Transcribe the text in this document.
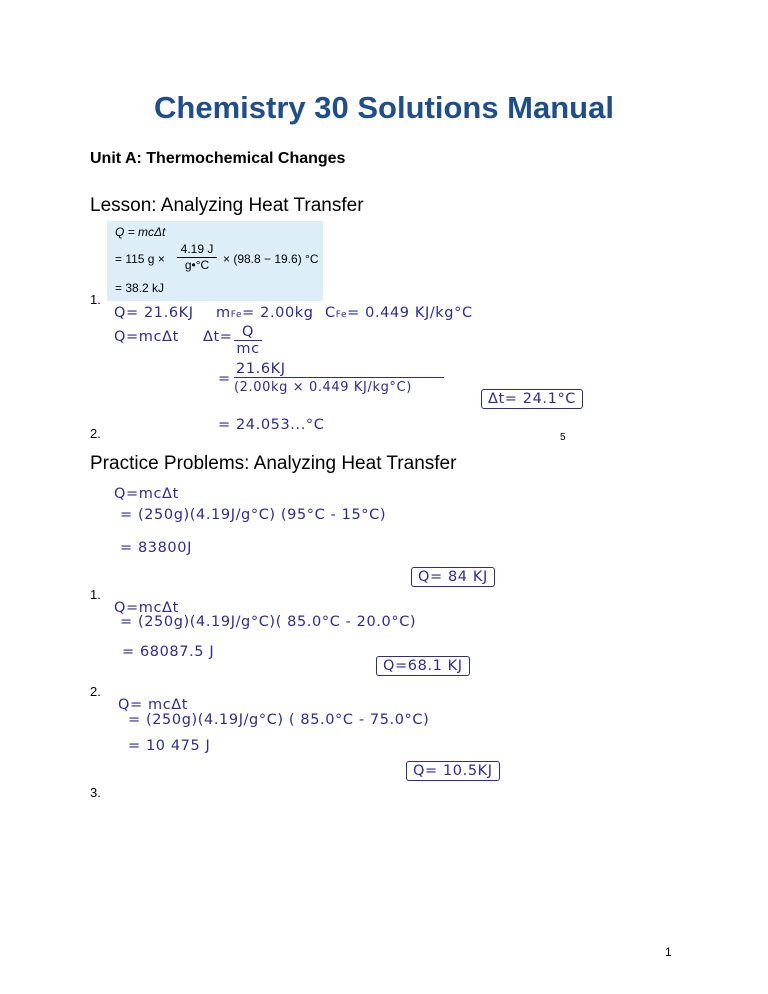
Chemistry 30 Solutions Manual
Unit A: Thermochemical Changes
Lesson: Analyzing Heat Transfer
Q = mcΔt
= 115 $g \times \frac{4.19 J}{g•^\circ C} \times (98.8 - 19.6)$ °C
= 38.2 kJ
1.
Q= 21.6KJ mFe= 2.00kg CFe= 0.449 KJ/kg°C
Q=mcΔt $\Delta t= \frac{Q}{mc}$
= $\frac{21.6KJ}{(2.00kg \times 0.449 KJ/kg^\circ C)}$
= 24.053...°C
Δt= 24.1°C
2.	5
Practice Problems: Analyzing Heat Transfer
Q=mcΔt
= (250g)(4.19J/g°C) (95°C - 15°C)
= 83800J
Q= 84 KJ
1.
Q=mcΔt
= (250g)(4.19J/g°C)( 85.0°C - 20.0°C)
= 68087.5 J
Q=68.1 KJ
2.
Q= mcΔt
= (250g)(4.19J/g°C) ( 85.0°C - 75.0°C)
= 10 475 J
Q= 10.5KJ
3.
1
